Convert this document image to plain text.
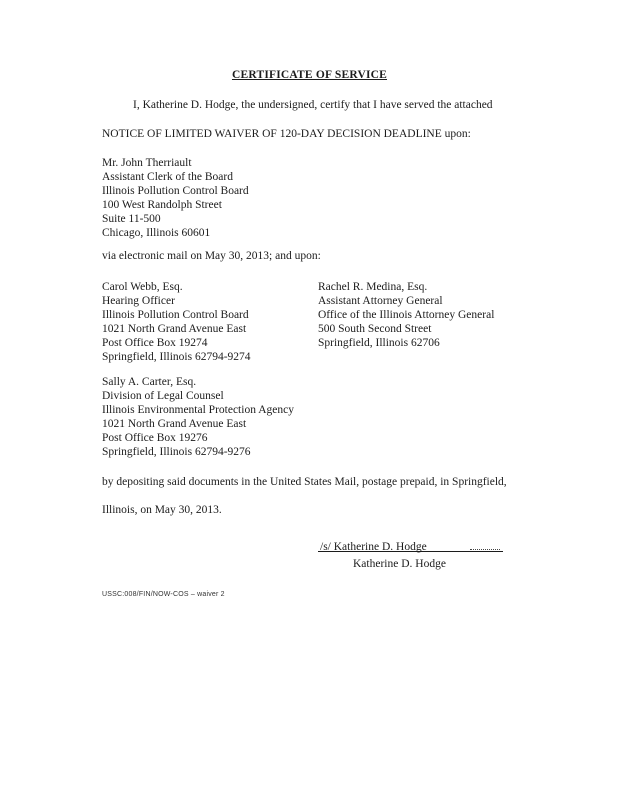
CERTIFICATE OF SERVICE
I, Katherine D. Hodge, the undersigned, certify that I have served the attached
NOTICE OF LIMITED WAIVER OF 120-DAY DECISION DEADLINE upon:
Mr. John Therriault
Assistant Clerk of the Board
Illinois Pollution Control Board
100 West Randolph Street
Suite 11-500
Chicago, Illinois 60601
via electronic mail on May 30, 2013; and upon:
Carol Webb, Esq.
Hearing Officer
Illinois Pollution Control Board
1021 North Grand Avenue East
Post Office Box 19274
Springfield, Illinois 62794-9274
Rachel R. Medina, Esq.
Assistant Attorney General
Office of the Illinois Attorney General
500 South Second Street
Springfield, Illinois 62706
Sally A. Carter, Esq.
Division of Legal Counsel
Illinois Environmental Protection Agency
1021 North Grand Avenue East
Post Office Box 19276
Springfield, Illinois 62794-9276
by depositing said documents in the United States Mail, postage prepaid, in Springfield,
Illinois, on May 30, 2013.
/s/ Katherine D. Hodge
Katherine D. Hodge
USSC:008/FIN/NOW-COS – waiver 2
